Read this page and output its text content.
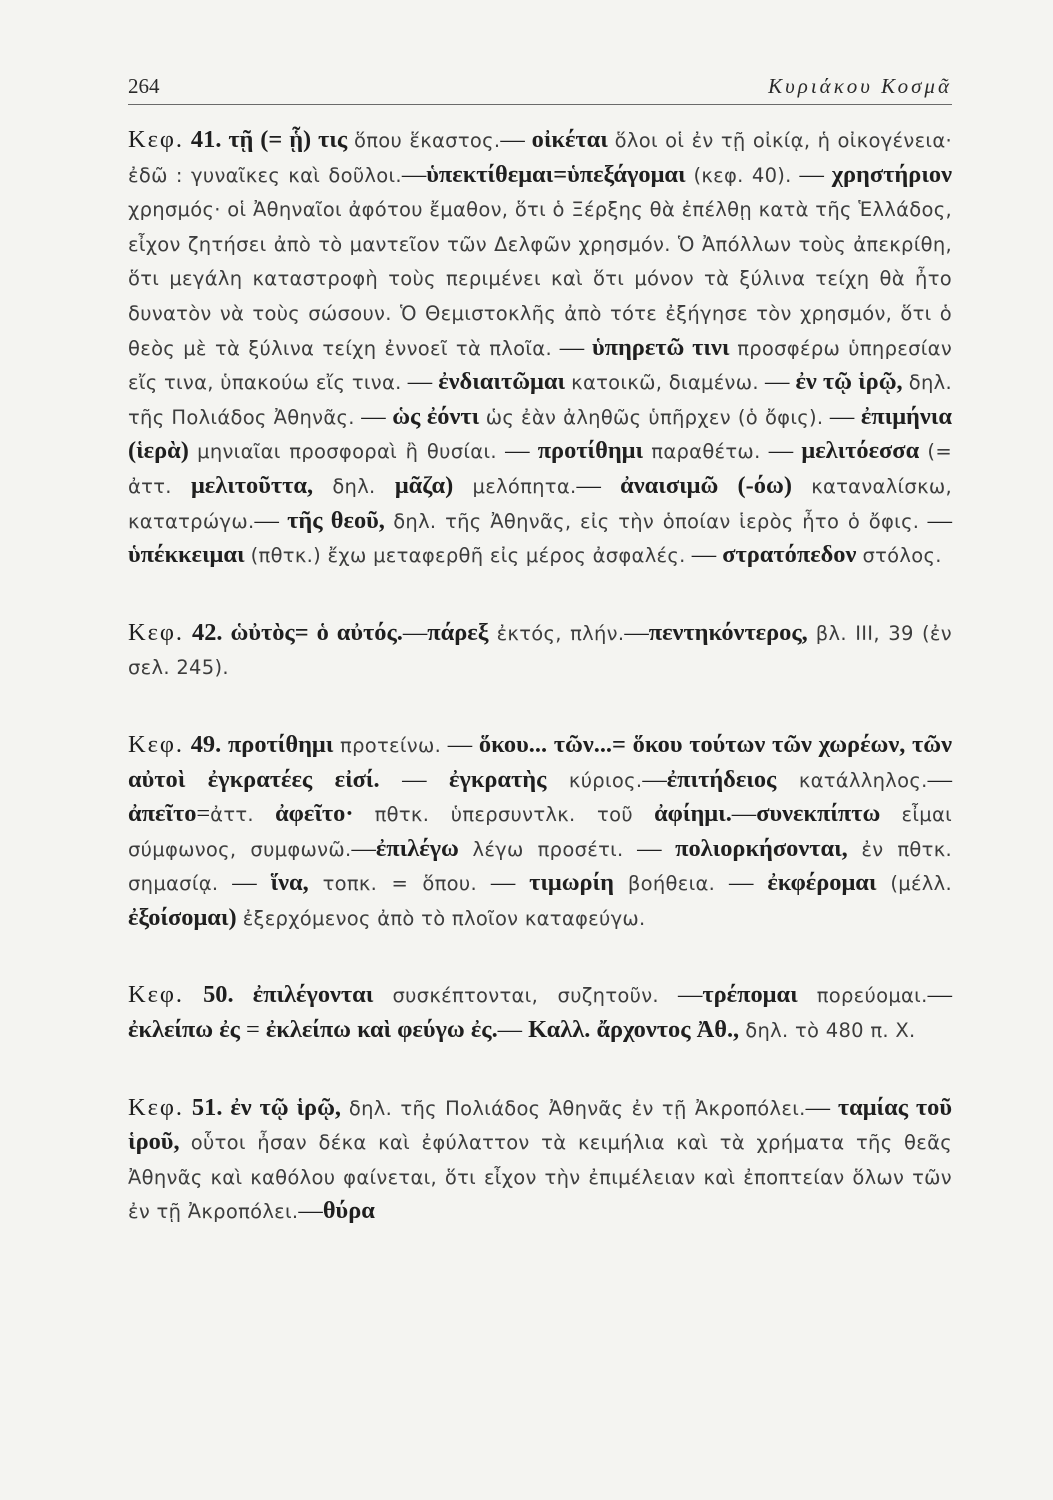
264	Κυριάκου Κοσμᾶ

Κεφ. 41. τῇ (= ᾗ) τις ὅπου ἕκαστος.— οἰκέται ὅλοι οἱ ἐν τῇ οἰκίᾳ, ἡ οἰκογένεια· ἐδῶ : γυναῖκες καὶ δοῦλοι.—ὑπεκτίθεμαι=ὑπεξάγομαι (κεφ. 40). — χρηστήριον χρησμός· οἱ Ἀθηναῖοι ἀφότου ἔμαθον, ὅτι ὁ Ξέρξης θὰ ἐπέλθῃ κατὰ τῆς Ἑλλάδος, εἶχον ζητήσει ἀπὸ τὸ μαντεῖον τῶν Δελφῶν χρησμόν. Ὁ Ἀπόλλων τοὺς ἀπεκρίθη, ὅτι μεγάλη καταστροφὴ τοὺς περιμένει καὶ ὅτι μόνον τὰ ξύλινα τείχη θὰ ἦτο δυνατὸν νὰ τοὺς σώσουν. Ὁ Θεμιστοκλῆς ἀπὸ τότε ἐξήγησε τὸν χρησμόν, ὅτι ὁ θεὸς μὲ τὰ ξύλινα τείχη ἐννοεῖ τὰ πλοῖα. — ὑπηρετῶ τινι προσφέρω ὑπηρεσίαν εἴς τινα, ὑπακούω εἴς τινα. — ἐνδιαιτῶμαι κατοικῶ, διαμένω. — ἐν τῷ ἱρῷ, δηλ. τῆς Πολιάδος Ἀθηνᾶς. — ὡς ἐόντι ὡς ἐὰν ἀληθῶς ὑπῆρχεν (ὁ ὄφις). — ἐπιμήνια (ἱερὰ) μηνιαῖαι προσφοραὶ ἢ θυσίαι. — προτίθημι παραθέτω. — μελιτόεσσα (= ἀττ. μελιτοῦττα, δηλ. μᾶζα) μελόπητα.— ἀναισιμῶ (-όω) καταναλίσκω, κατατρώγω.— τῆς θεοῦ, δηλ. τῆς Ἀθηνᾶς, εἰς τὴν ὁποίαν ἱερὸς ἦτο ὁ ὄφις. — ὑπέκκειμαι (πθτκ.) ἔχω μεταφερθῆ εἰς μέρος ἀσφαλές. — στρατόπεδον στόλος.

Κεφ. 42. ὡὐτὸς= ὁ αὐτός.—πάρεξ ἐκτός, πλήν.—πεντηκόντερος, βλ. ΙΙΙ, 39 (ἐν σελ. 245).

Κεφ. 49. προτίθημι προτείνω. — ὅκου... τῶν...= ὅκου τούτων τῶν χωρέων, τῶν αὐτοὶ ἐγκρατέες εἰσί. — ἐγκρατὴς κύριος.—ἐπιτήδειος κατάλληλος.— ἀπεῖτο=ἀττ. ἀφεῖτο· πθτκ. ὑπερσυντλκ. τοῦ ἀφίημι.—συνεκπίπτω εἶμαι σύμφωνος, συμφωνῶ.—ἐπιλέγω λέγω προσέτι. — πολιορκήσονται, ἐν πθτκ. σημασίᾳ. — ἵνα, τοπκ. = ὅπου. — τιμωρίη βοήθεια. — ἐκφέρομαι (μέλλ. ἐξοίσομαι) ἐξερχόμενος ἀπὸ τὸ πλοῖον καταφεύγω.

Κεφ. 50. ἐπιλέγονται συσκέπτονται, συζητοῦν. —τρέπομαι πορεύομαι.— ἐκλείπω ἐς = ἐκλείπω καὶ φεύγω ἐς.— Καλλ. ἄρχοντος Ἀθ., δηλ. τὸ 480 π. Χ.

Κεφ. 51. ἐν τῷ ἱρῷ, δηλ. τῆς Πολιάδος Ἀθηνᾶς ἐν τῇ Ἀκροπόλει.— ταμίας τοῦ ἱροῦ, οὗτοι ἦσαν δέκα καὶ ἐφύλαττον τὰ κειμήλια καὶ τὰ χρήματα τῆς θεᾶς Ἀθηνᾶς καὶ καθόλου φαίνεται, ὅτι εἶχον τὴν ἐπιμέλειαν καὶ ἐποπτείαν ὅλων τῶν ἐν τῇ Ἀκροπόλει.—θύρα
